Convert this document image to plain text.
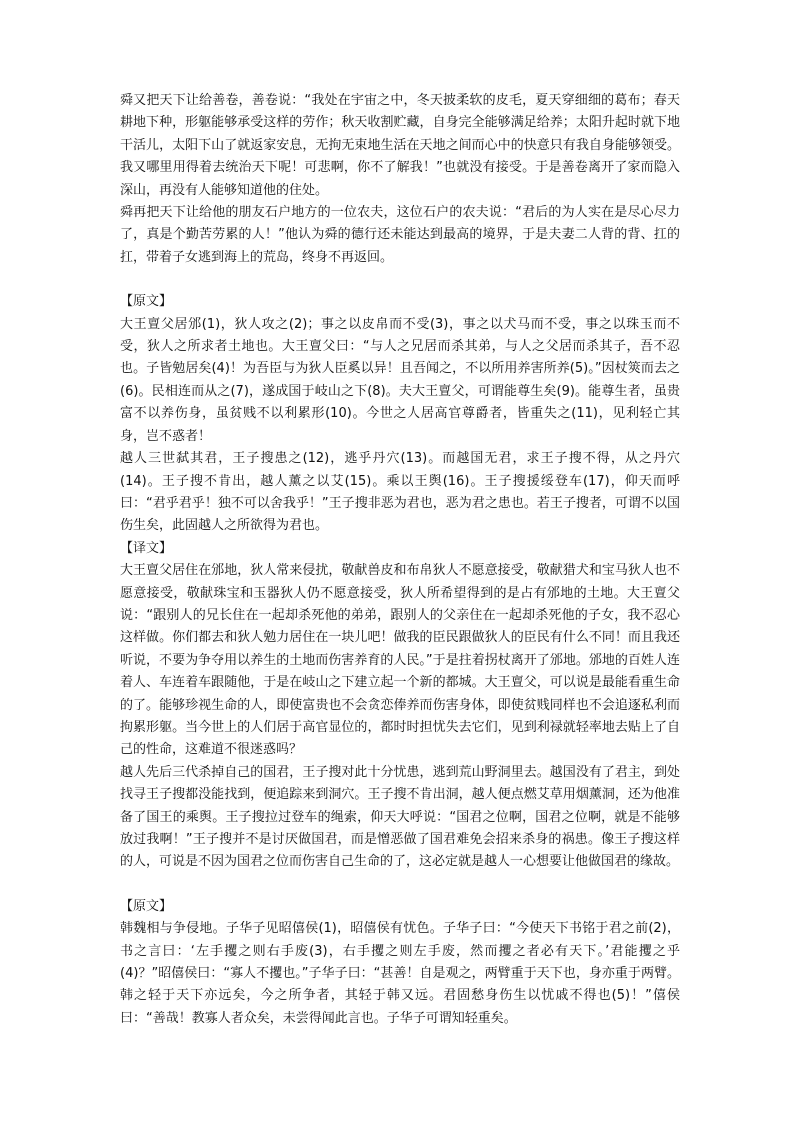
舜又把天下让给善卷，善卷说：“我处在宇宙之中，冬天披柔软的皮毛，夏天穿细细的葛布；春天耕地下种，形躯能够承受这样的劳作；秋天收割贮藏，自身完全能够满足给养；太阳升起时就下地干活儿，太阳下山了就返家安息，无拘无束地生活在天地之间而心中的快意只有我自身能够领受。我又哪里用得着去统治天下呢！可悲啊，你不了解我！”也就没有接受。于是善卷离开了家而隐入深山，再没有人能够知道他的住处。

舜再把天下让给他的朋友石户地方的一位农夫，这位石户的农夫说：“君后的为人实在是尽心尽力了，真是个勤苦劳累的人！”他认为舜的德行还未能达到最高的境界，于是夫妻二人背的背、扛的扛，带着子女逃到海上的荒岛，终身不再返回。

【原文】

大王亶父居邠(1)，狄人攻之(2)；事之以皮帛而不受(3)，事之以犬马而不受，事之以珠玉而不受，狄人之所求者土地也。大王亶父曰：“与人之兄居而杀其弟，与人之父居而杀其子，吾不忍也。子皆勉居矣(4)！为吾臣与为狄人臣奚以异！且吾闻之，不以所用养害所养(5)。”因杖筴而去之(6)。民相连而从之(7)，遂成国于岐山之下(8)。夫大王亶父，可谓能尊生矣(9)。能尊生者，虽贵富不以养伤身，虽贫贱不以利累形(10)。今世之人居高官尊爵者，皆重失之(11)，见利轻亡其身，岂不惑者！

越人三世弑其君，王子搜患之(12)，逃乎丹穴(13)。而越国无君，求王子搜不得，从之丹穴(14)。王子搜不肯出，越人薰之以艾(15)。乘以王舆(16)。王子搜援绥登车(17)，仰天而呼曰：“君乎君乎！独不可以舍我乎！”王子搜非恶为君也，恶为君之患也。若王子搜者，可谓不以国伤生矣，此固越人之所欲得为君也。

【译文】

大王亶父居住在邠地，狄人常来侵扰，敬献兽皮和布帛狄人不愿意接受，敬献猎犬和宝马狄人也不愿意接受，敬献珠宝和玉器狄人仍不愿意接受，狄人所希望得到的是占有邠地的土地。大王亶父说：“跟别人的兄长住在一起却杀死他的弟弟，跟别人的父亲住在一起却杀死他的子女，我不忍心这样做。你们都去和狄人勉力居住在一块儿吧！做我的臣民跟做狄人的臣民有什么不同！而且我还听说，不要为争夺用以养生的土地而伤害养育的人民。”于是拄着拐杖离开了邠地。邠地的百姓人连着人、车连着车跟随他，于是在岐山之下建立起一个新的都城。大王亶父，可以说是最能看重生命的了。能够珍视生命的人，即使富贵也不会贪恋俸养而伤害身体，即使贫贱同样也不会追逐私利而拘累形躯。当今世上的人们居于高官显位的，都时时担忧失去它们，见到利禄就轻率地去贴上了自己的性命，这难道不很迷惑吗？

越人先后三代杀掉自己的国君，王子搜对此十分忧患，逃到荒山野洞里去。越国没有了君主，到处找寻王子搜都没能找到，便追踪来到洞穴。王子搜不肯出洞，越人便点燃艾草用烟薰洞，还为他准备了国王的乘舆。王子搜拉过登车的绳索，仰天大呼说：“国君之位啊，国君之位啊，就是不能够放过我啊！”王子搜并不是讨厌做国君，而是憎恶做了国君难免会招来杀身的祸患。像王子搜这样的人，可说是不因为国君之位而伤害自己生命的了，这必定就是越人一心想要让他做国君的缘故。

【原文】

韩魏相与争侵地。子华子见昭僖侯(1)，昭僖侯有忧色。子华子曰：“今使天下书铭于君之前(2)，书之言曰：‘左手攫之则右手废(3)，右手攫之则左手废，然而攫之者必有天下。’君能攫之乎(4)？”昭僖侯曰：“寡人不攫也。”子华子曰：“甚善！自是观之，两臂重于天下也，身亦重于两臂。韩之轻于天下亦远矣，今之所争者，其轻于韩又远。君固愁身伤生以忧戚不得也(5)！”僖侯曰：“善哉！教寡人者众矣，未尝得闻此言也。子华子可谓知轻重矣。
